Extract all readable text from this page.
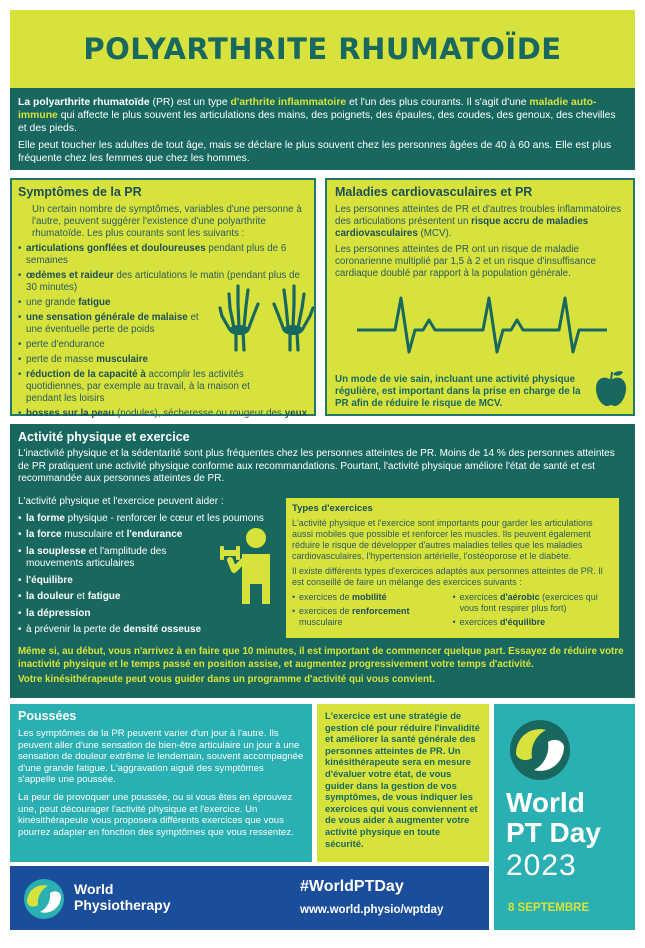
POLYARTHRITE RHUMATOÏDE

La polyarthrite rhumatoïde (PR) est un type d'arthrite inflammatoire et l'un des plus courants. Il s'agit d'une maladie auto-immune qui affecte le plus souvent les articulations des mains, des poignets, des épaules, des coudes, des genoux, des chevilles et des pieds.

Elle peut toucher les adultes de tout âge, mais se déclare le plus souvent chez les personnes âgées de 40 à 60 ans. Elle est plus fréquente chez les femmes que chez les hommes.

Symptômes de la PR

Un certain nombre de symptômes, variables d'une personne à l'autre, peuvent suggérer l'existence d'une polyarthrite rhumatoïde. Les plus courants sont les suivants :

• articulations gonflées et douloureuses pendant plus de 6 semaines
• œdèmes et raideur des articulations le matin (pendant plus de 30 minutes)
• une grande fatigue
• une sensation générale de malaise et une éventuelle perte de poids
• perte d'endurance
• perte de masse musculaire
• réduction de la capacité à accomplir les activités quotidiennes, par exemple au travail, à la maison et pendant les loisirs
• bosses sur la peau (nodules), sécheresse ou rougeur des yeux
Maladies cardiovasculaires et PR

Les personnes atteintes de PR et d'autres troubles inflammatoires des articulations présentent un risque accru de maladies cardiovasculaires (MCV).

Les personnes atteintes de PR ont un risque de maladie coronarienne multiplié par 1,5 à 2 et un risque d'insuffisance cardiaque doublé par rapport à la population générale.

Un mode de vie sain, incluant une activité physique régulière, est important dans la prise en charge de la PR afin de réduire le risque de MCV.
Activité physique et exercice

L'inactivité physique et la sédentarité sont plus fréquentes chez les personnes atteintes de PR. Moins de 14 % des personnes atteintes de PR pratiquent une activité physique conforme aux recommandations. Pourtant, l'activité physique améliore l'état de santé et est recommandée aux personnes atteintes de PR.

L'activité physique et l'exercice peuvent aider :

• la forme physique - renforcer le cœur et les poumons
• la force musculaire et l'endurance
• la souplesse et l'amplitude des mouvements articulaires
• l'équilibre
• la douleur et fatigue
• la dépression
• à prévenir la perte de densité osseuse
Types d'exercices

L'activité physique et l'exercice sont importants pour garder les articulations aussi mobiles que possible et renforcer les muscles. Ils peuvent également réduire le risque de développer d'autres maladies telles que les maladies cardiovasculaires, l'hypertension artérielle, l'ostéoporose et le diabète.

Il existe différents types d'exercices adaptés aux personnes atteintes de PR. Il est conseillé de faire un mélange des exercices suivants :

• exercices de mobilité
• exercices de renforcement musculaire
• exercices d'aérobic (exercices qui vous font respirer plus fort)
• exercices d'équilibre

Même si, au début, vous n'arrivez à en faire que 10 minutes, il est important de commencer quelque part. Essayez de réduire votre inactivité physique et le temps passé en position assise, et augmentez progressivement votre temps d'activité.

Votre kinésithérapeute peut vous guider dans un programme d'activité qui vous convient.

Poussées

Les symptômes de la PR peuvent varier d'un jour à l'autre. Ils peuvent aller d'une sensation de bien-être articulaire un jour à une sensation de douleur extrême le lendemain, souvent accompagnée d'une grande fatigue. L'aggravation aiguë des symptômes s'appelle une poussée.

La peur de provoquer une poussée, ou si vous êtes en éprouvez une, peut décourager l'activité physique et l'exercice. Un kinésithérapeute vous proposera différents exercices que vous pourrez adapter en fonction des symptômes que vous ressentez.

L'exercice est une stratégie de gestion clé pour réduire l'invalidité et améliorer la santé générale des personnes atteintes de PR. Un kinésithérapeute sera en mesure d'évaluer votre état, de vous guider dans la gestion de vos symptômes, de vous indiquer les exercices qui vous conviennent et de vous aider à augmenter votre activité physique en toute sécurité.
World
PT Day
2023
8 SEPTEMBRE
World
Physiotherapy
#WorldPTDay
www.world.physio/wptday
